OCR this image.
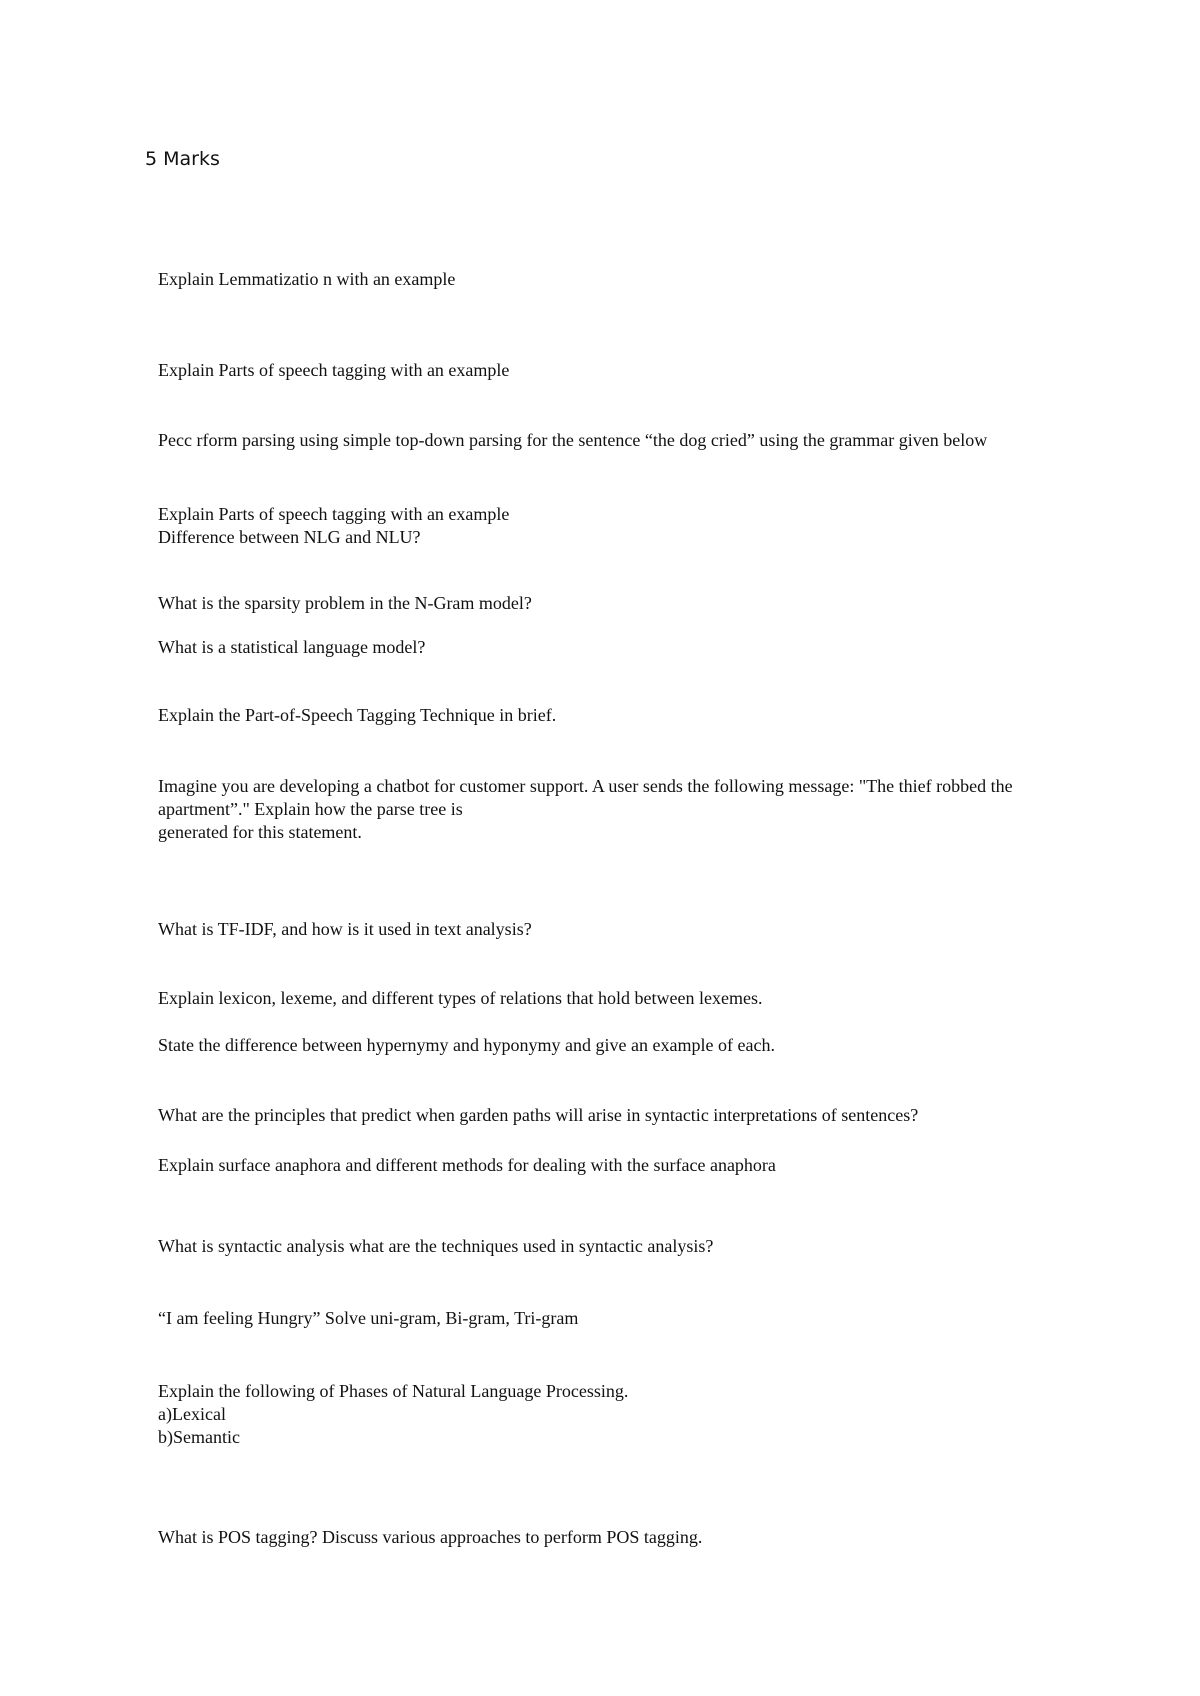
5 Marks
Explain Lemmatizatio n with an example
Explain Parts of speech tagging with an example
Pecc rform parsing using simple top-down parsing for the sentence “the dog cried” using the grammar given below
Explain Parts of speech tagging with an example
Difference between NLG and NLU?
What is the sparsity problem in the N-Gram model?
What is a statistical language model?
Explain the Part-of-Speech Tagging Technique in brief.
Imagine you are developing a chatbot for customer support. A user sends the following message: "The thief robbed the
apartment”." Explain how the parse tree is
generated for this statement.
What is TF-IDF, and how is it used in text analysis?
Explain lexicon, lexeme, and different types of relations that hold between lexemes.
State the difference between hypernymy and hyponymy and give an example of each.
What are the principles that predict when garden paths will arise in syntactic interpretations of sentences?
Explain surface anaphora and different methods for dealing with the surface anaphora
What is syntactic analysis what are the techniques used in syntactic analysis?
“I am feeling Hungry” Solve uni-gram, Bi-gram, Tri-gram
Explain the following of Phases of Natural Language Processing.
a)Lexical
b)Semantic
What is POS tagging? Discuss various approaches to perform POS tagging.
